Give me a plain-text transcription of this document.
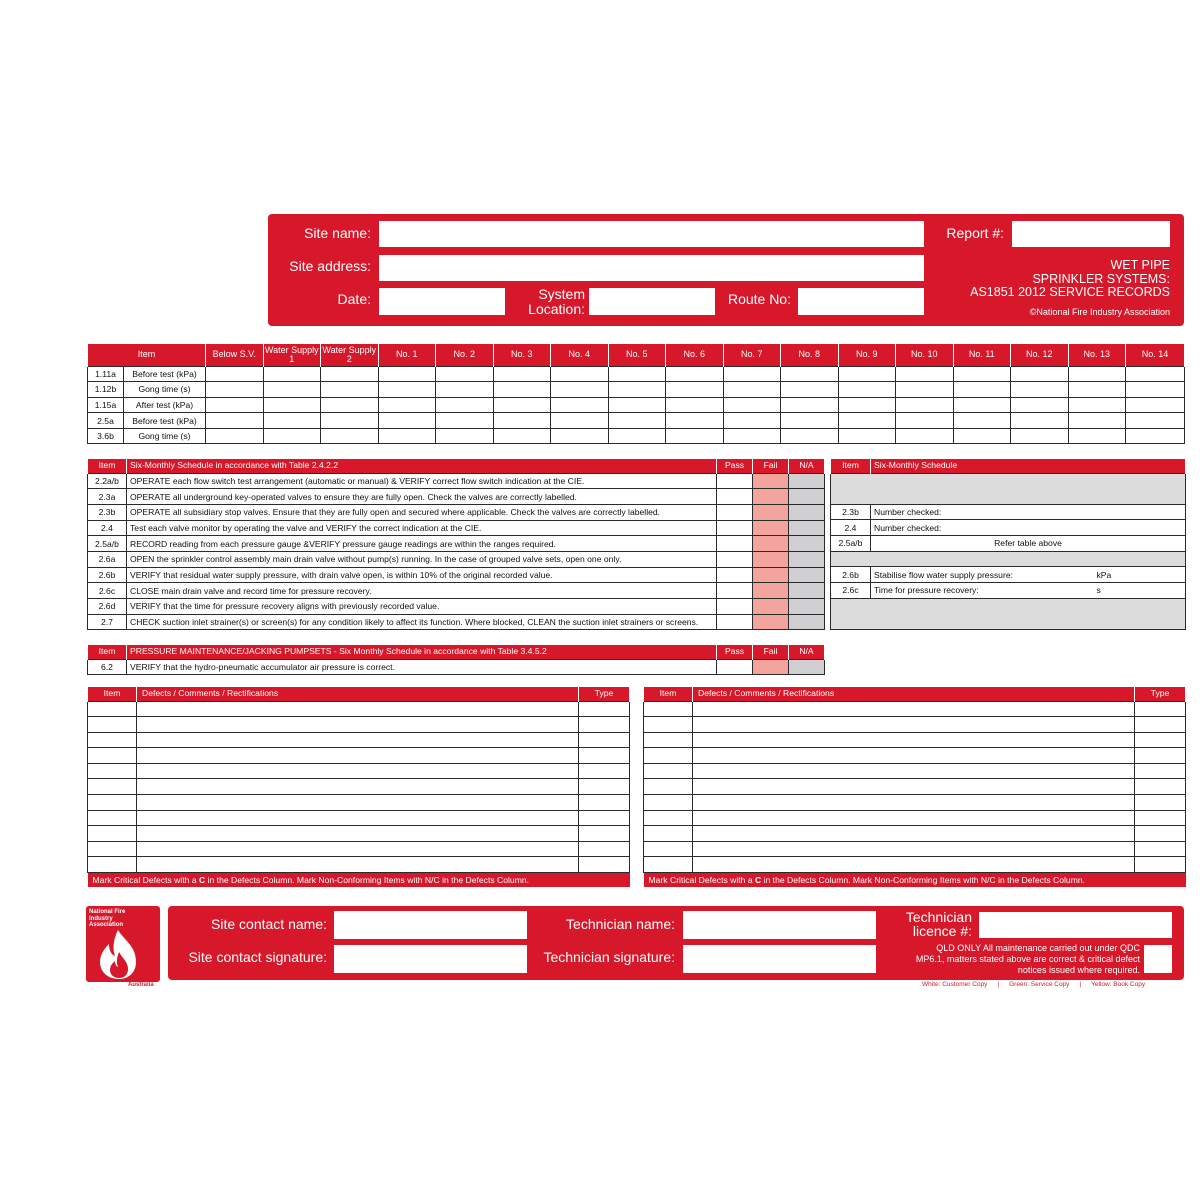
Site name:
Site address:
Date:	System
Location:
Route No:
Report #:
WET PIPE
SPRINKLER SYSTEMS:
AS1851 2012 SERVICE RECORDS
©National Fire Industry Association
Item		Below S.V.	Water Supply 1	Water Supply 2	No. 1	No. 2	No. 3	No. 4	No. 5	No. 6	No. 7	No. 8	No. 9	No. 10	No. 11	No. 12	No. 13	No. 14
1.11a	Before test (kPa)																	
1.12b	Gong time (s)																	
1.15a	After test (kPa)																	
2.5a	Before test (kPa)																	
3.6b	Gong time (s)																	
Item	Six-Monthly Schedule in accordance with Table 2.4.2.2	Pass	Fail	N/A
2.2a/b	OPERATE each flow switch test arrangement (automatic or manual) & VERIFY correct flow switch indication at the CIE.			
2.3a	OPERATE all underground key-operated valves to ensure they are fully open. Check the valves are correctly labelled.			
2.3b	OPERATE all subsidiary stop valves. Ensure that they are fully open and secured where applicable. Check the valves are correctly labelled.			
2.4	Test each valve monitor by operating the valve and VERIFY the correct indication at the CIE.			
2.5a/b	RECORD reading from each pressure gauge &VERIFY pressure gauge readings are within the ranges required.			
2.6a	OPEN the sprinkler control assembly main drain valve without pump(s) running. In the case of grouped valve sets, open one only.			
2.6b	VERIFY that residual water supply pressure, with drain valve open, is within 10% of the original recorded value.			
2.6c	CLOSE main drain valve and record time for pressure recovery.			
2.6d	VERIFY that the time for pressure recovery aligns with previously recorded value.			
2.7	CHECK suction inlet strainer(s) or screen(s) for any condition likely to affect its function. Where blocked, CLEAN the suction inlet strainers or screens.			
Item	Six-Monthly Schedule	

2.3b	Number checked:	
2.4	Number checked:	
2.5a/b	Refer table above	

2.6b	Stabilise flow water supply pressure:	kPa
2.6c	Time for pressure recovery:	s

Item	PRESSURE MAINTENANCE/JACKING PUMPSETS - Six Monthly Schedule in accordance with Table 3.4.5.2	Pass	Fail	N/A
6.2	VERIFY that the hydro-pneumatic accumulator air pressure is correct.			
Item	Defects / Comments / Rectifications	Type

Mark Critical Defects with a C in the Defects Column. Mark Non-Conforming Items with N/C in the Defects Column.		
Item	Defects / Comments / Rectifications	Type

Mark Critical Defects with a C in the Defects Column. Mark Non-Conforming Items with N/C in the Defects Column.		
National Fire Industry Association
Australia
Site contact name:
Site contact signature:
Technician name:
Technician signature:
Technician
licence #:
QLD ONLY All maintenance carried out under QDC MP6.1, matters stated above are correct & critical defect notices issued where required.
White: Customer Copy | Green: Service Copy | Yellow: Book Copy
